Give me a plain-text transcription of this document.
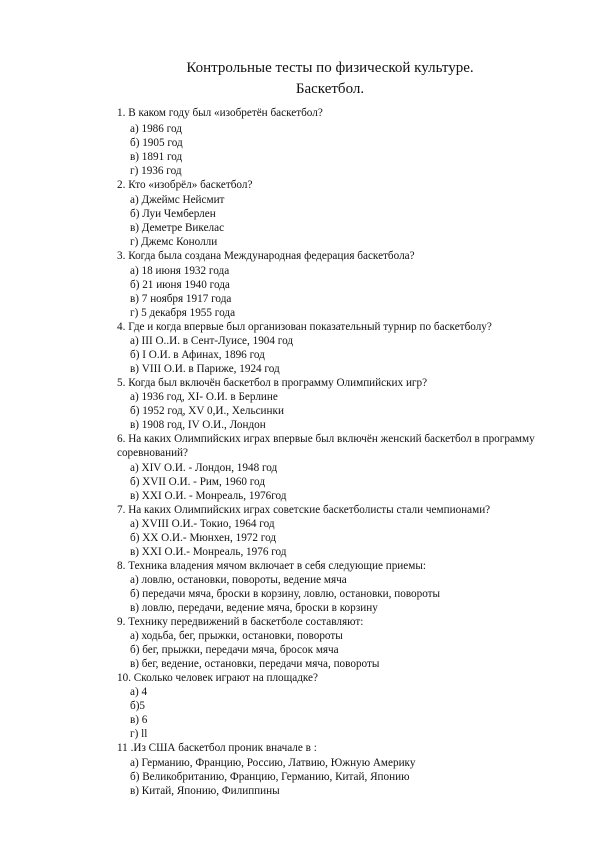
Контрольные тесты по физической культуре.
Баскетбол.
1. В каком году был «изобретён баскетбол?
а) 1986 год
б) 1905 год
в) 1891 год
г) 1936 год
2. Кто «изобрёл» баскетбол?
а) Джеймс Нейсмит
б) Луи Чемберлен
в) Деметре Викелас
г) Джемс Конолли
3. Когда была создана Международная федерация баскетбола?
а) 18 июня 1932 года
б) 21 июня 1940 года
в) 7 ноября 1917 года
г) 5 декабря 1955 года
4. Где и когда впервые был организован показательный турнир по баскетболу?
а) III О..И. в Сент-Луисе, 1904 год
б) I О.И. в Афинах, 1896 год
в) VIII О.И. в Париже, 1924 год
5. Когда был включён баскетбол в программу Олимпийских игр?
а) 1936 год, XI- О.И. в Берлине
б) 1952 год, XV 0,И., Хельсинки
в) 1908 год, IV О.И., Лондон
6. На каких Олимпийских играх впервые был включён женский баскетбол в программу
соревнований?
а) XIV О.И. - Лондон, 1948 год
б) XVII О.И. - Рим, 1960 год
в) XXI О.И. - Монреаль, 1976год
7. На каких Олимпийских играх советские баскетболисты стали чемпионами?
а) XVIII О.И.- Токио, 1964 год
б) XX О.И.- Мюнхен, 1972 год
в) XXI О.И.- Монреаль, 1976 год
8. Техника владения мячом включает в себя следующие приемы:
а) ловлю, остановки, повороты, ведение мяча
б) передачи мяча, броски в корзину, ловлю, остановки, повороты
в) ловлю, передачи, ведение мяча, броски в корзину
9. Технику передвижений в баскетболе составляют:
а) ходьба, бег, прыжки, остановки, повороты
б) бег, прыжки, передачи мяча, бросок мяча
в) бег, ведение, остановки, передачи мяча, повороты
10. Сколько человек играют на площадке?
а) 4
б)5
в) 6
г) ll
11 .Из США баскетбол проник вначале в :
а) Германию, Францию, Россию, Латвию, Южную Америку
б) Великобританию, Францию, Германию, Китай, Японию
в) Китай, Японию, Филиппины
